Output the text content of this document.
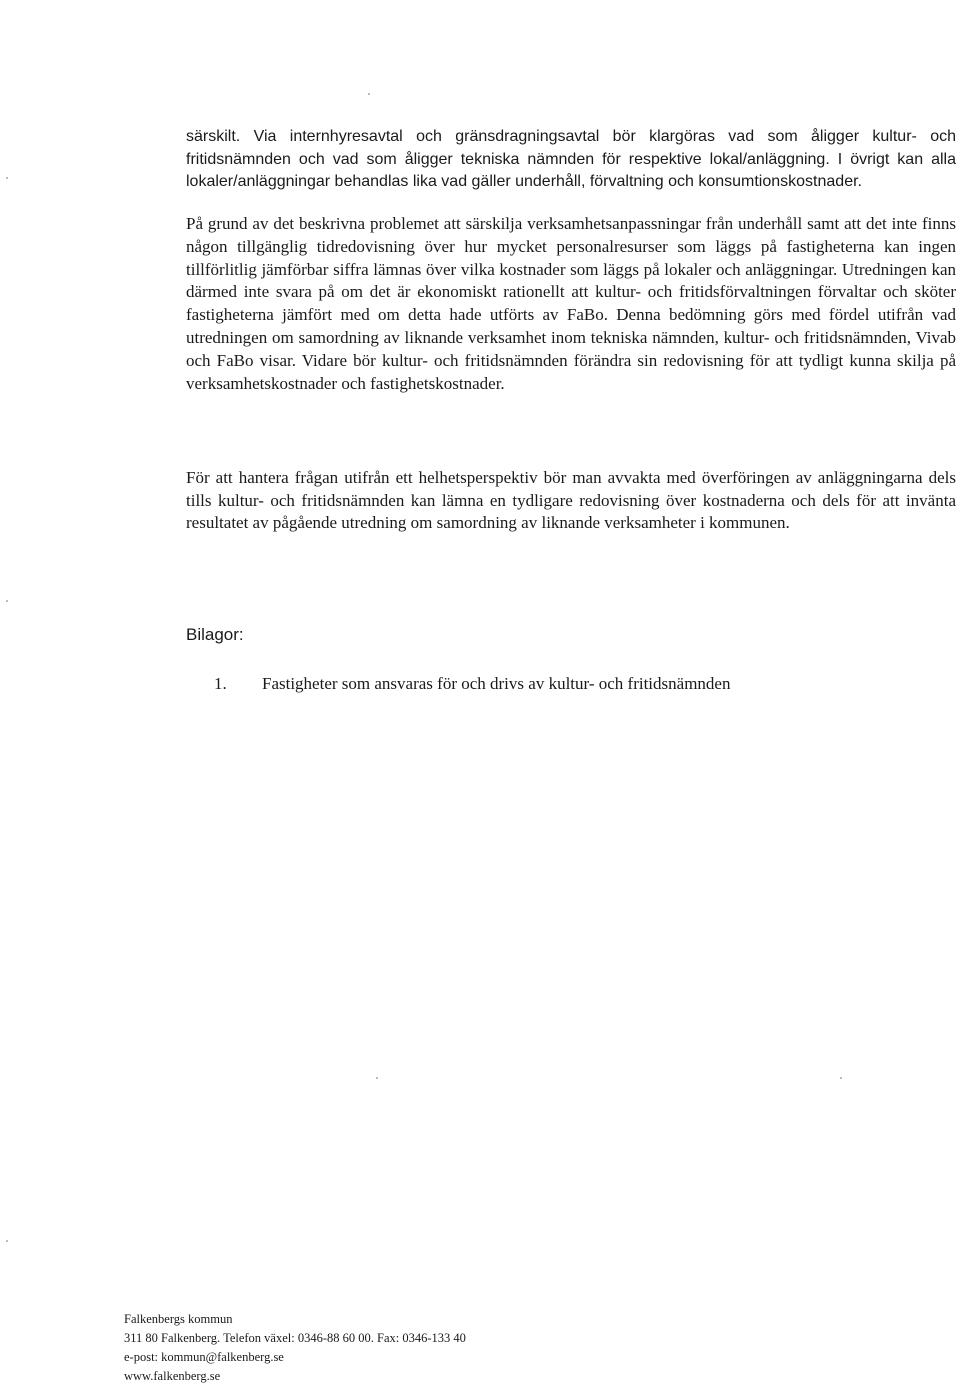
särskilt. Via internhyresavtal och gränsdragningsavtal bör klargöras vad som åligger kultur- och fritidsnämnden och vad som åligger tekniska nämnden för respektive lokal/anläggning. I övrigt kan alla lokaler/anläggningar behandlas lika vad gäller underhåll, förvaltning och konsumtionskostnader.

På grund av det beskrivna problemet att särskilja verksamhetsanpassningar från underhåll samt att det inte finns någon tillgänglig tidredovisning över hur mycket personalresurser som läggs på fastigheterna kan ingen tillförlitlig jämförbar siffra lämnas över vilka kostnader som läggs på lokaler och anläggningar. Utredningen kan därmed inte svara på om det är ekonomiskt rationellt att kultur- och fritidsförvaltningen förvaltar och sköter fastigheterna jämfört med om detta hade utförts av FaBo. Denna bedömning görs med fördel utifrån vad utredningen om samordning av liknande verksamhet inom tekniska nämnden, kultur- och fritidsnämnden, Vivab och FaBo visar. Vidare bör kultur- och fritidsnämnden förändra sin redovisning för att tydligt kunna skilja på verksamhetskostnader och fastighetskostnader.

För att hantera frågan utifrån ett helhetsperspektiv bör man avvakta med överföringen av anläggningarna dels tills kultur- och fritidsnämnden kan lämna en tydligare redovisning över kostnaderna och dels för att invänta resultatet av pågående utredning om samordning av liknande verksamheter i kommunen.

Bilagor:

1.	Fastigheter som ansvaras för och drivs av kultur- och fritidsnämnden
Falkenbergs kommun
311 80 Falkenberg. Telefon växel: 0346-88 60 00. Fax: 0346-133 40
e-post: kommun@falkenberg.se
www.falkenberg.se
